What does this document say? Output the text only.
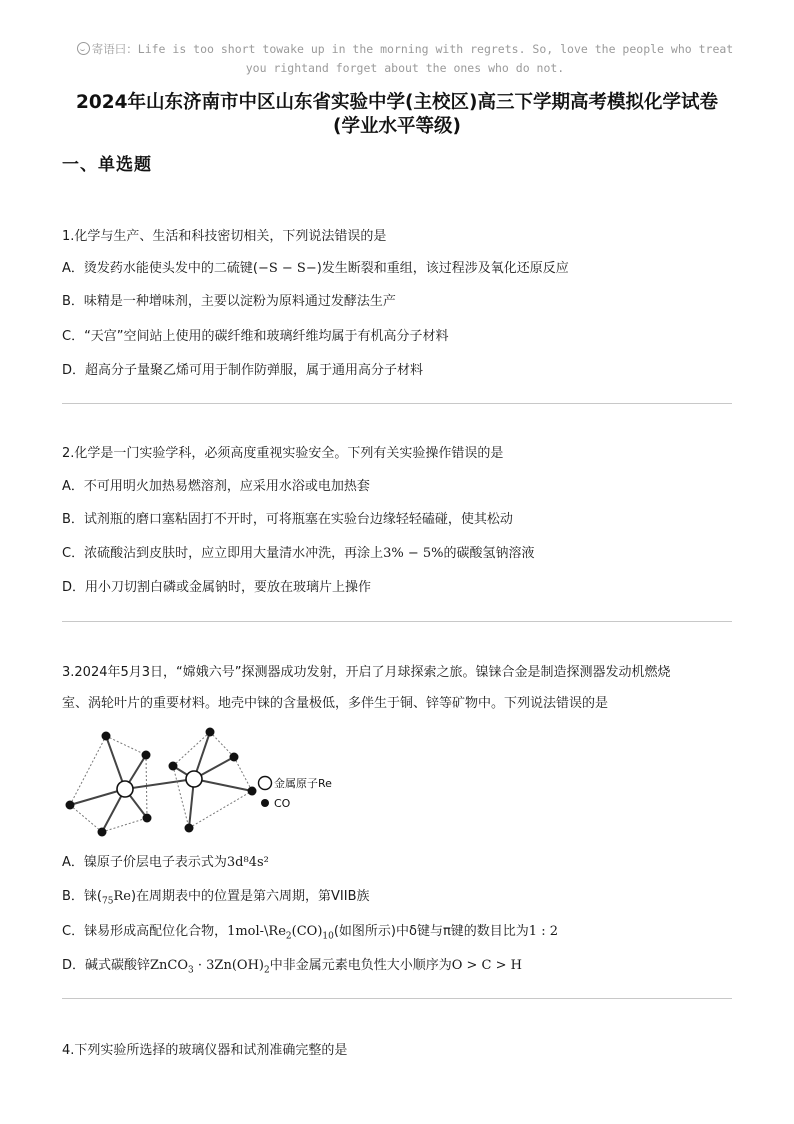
寄语曰：Life is too short towake up in the morning with regrets. So, love the people who treat
you rightand forget about the ones who do not.
2024年山东济南市中区山东省实验中学(主校区)高三下学期高考模拟化学试卷
(学业水平等级)
一、单选题
1.化学与生产、生活和科技密切相关，下列说法错误的是
A．烫发药水能使头发中的二硫键(−S − S−)发生断裂和重组，该过程涉及氧化还原反应
B．味精是一种增味剂，主要以淀粉为原料通过发酵法生产
C．“天宫”空间站上使用的碳纤维和玻璃纤维均属于有机高分子材料
D．超高分子量聚乙烯可用于制作防弹服，属于通用高分子材料
2.化学是一门实验学科，必须高度重视实验安全。下列有关实验操作错误的是
A．不可用明火加热易燃溶剂，应采用水浴或电加热套
B．试剂瓶的磨口塞粘固打不开时，可将瓶塞在实验台边缘轻轻磕碰，使其松动
C．浓硫酸沾到皮肤时，应立即用大量清水冲洗，再涂上3% − 5%的碳酸氢钠溶液
D．用小刀切割白磷或金属钠时，要放在玻璃片上操作
3.2024年5月3日，“嫦娥六号”探测器成功发射，开启了月球探索之旅。镍铼合金是制造探测器发动机燃烧
室、涡轮叶片的重要材料。地壳中铼的含量极低，多伴生于铜、锌等矿物中。下列说法错误的是
金属原子Re
CO
A．镍原子价层电子表示式为3d⁸4s²
B．铼$(_{75}Re)$在周期表中的位置是第六周期，第VIIB族
C．铼易形成高配位化合物，$1mol-\backslash Re_2(CO)_{10}$(如图所示)中δ键与π键的数目比为1 : 2
D．碱式碳酸锌ZnCO$_3$ · $3Zn(OH)_2$中非金属元素电负性大小顺序为O > C > H
4.下列实验所选择的玻璃仪器和试剂准确完整的是
